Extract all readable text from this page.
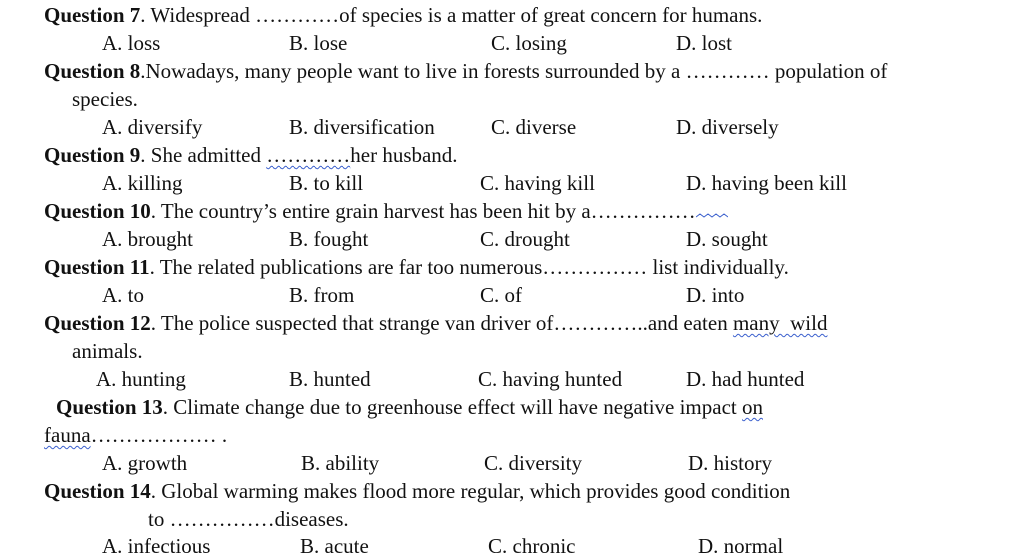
Question 7. Widespread …………of species is a matter of great concern for humans.
A. loss	B. lose	C. losing	D. lost
Question 8.Nowadays, many people want to live in forests surrounded by a ………… population of
species.
A. diversify	B. diversification	C. diverse	D. diversely
Question 9. She admitted …………her husband.
A. killing	B. to kill	C. having kill	D. having been kill
Question 10. The country’s entire grain harvest has been hit by a……………
A. brought	B. fought	C. drought	D. sought
Question 11. The related publications are far too numerous…………… list individually.
A. to	B. from	C. of	D. into
Question 12. The police suspected that strange van driver of…………..and eaten many  wild
animals.
A. hunting	B. hunted	C. having hunted	D. had hunted
Question 13. Climate change due to greenhouse effect will have negative impact on
fauna……………… .
A. growth	B. ability	C. diversity	D. history
Question 14. Global warming makes flood more regular, which provides good condition
to ……………diseases.
A. infectious	B. acute	C. chronic	D. normal
